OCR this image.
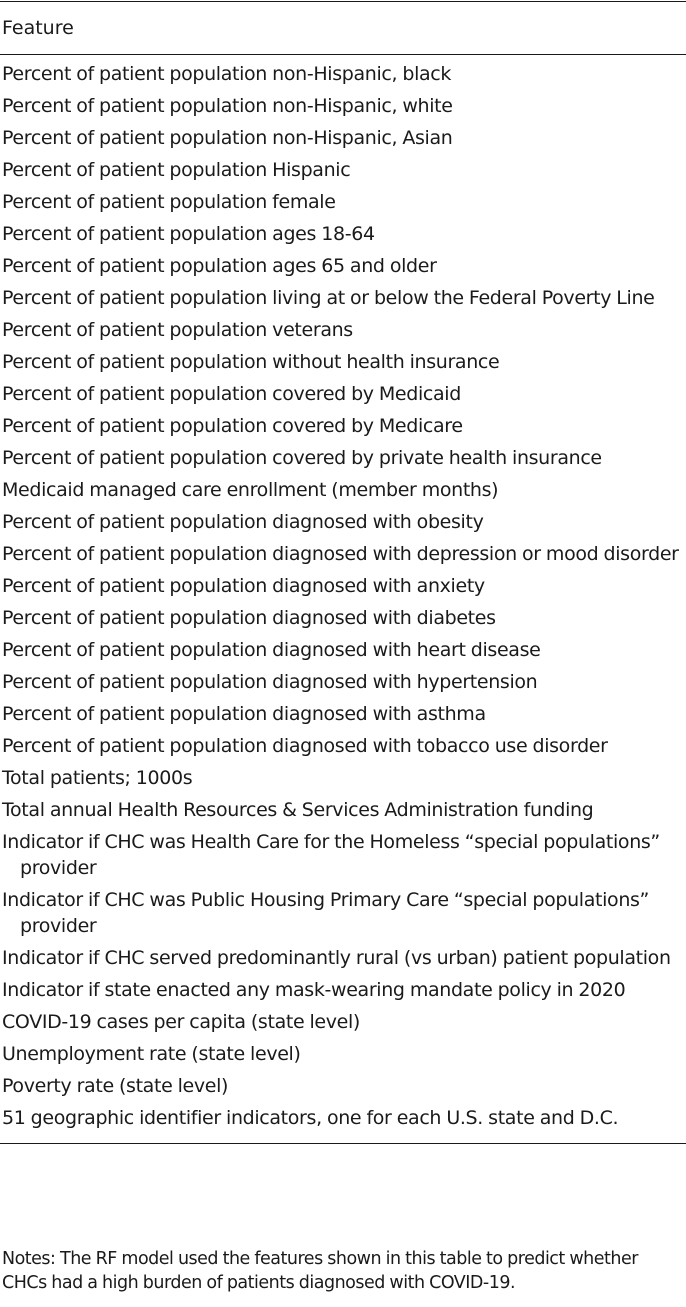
Feature
Percent of patient population non-Hispanic, black
Percent of patient population non-Hispanic, white
Percent of patient population non-Hispanic, Asian
Percent of patient population Hispanic
Percent of patient population female
Percent of patient population ages 18-64
Percent of patient population ages 65 and older
Percent of patient population living at or below the Federal Poverty Line
Percent of patient population veterans
Percent of patient population without health insurance
Percent of patient population covered by Medicaid
Percent of patient population covered by Medicare
Percent of patient population covered by private health insurance
Medicaid managed care enrollment (member months)
Percent of patient population diagnosed with obesity
Percent of patient population diagnosed with depression or mood disorder
Percent of patient population diagnosed with anxiety
Percent of patient population diagnosed with diabetes
Percent of patient population diagnosed with heart disease
Percent of patient population diagnosed with hypertension
Percent of patient population diagnosed with asthma
Percent of patient population diagnosed with tobacco use disorder
Total patients; 1000s
Total annual Health Resources & Services Administration funding
Indicator if CHC was Health Care for the Homeless “special populations” provider
Indicator if CHC was Public Housing Primary Care “special populations” provider
Indicator if CHC served predominantly rural (vs urban) patient population
Indicator if state enacted any mask-wearing mandate policy in 2020
COVID-19 cases per capita (state level)
Unemployment rate (state level)
Poverty rate (state level)
51 geographic identifier indicators, one for each U.S. state and D.C.
Notes: The RF model used the features shown in this table to predict whether CHCs had a high burden of patients diagnosed with COVID-19.
